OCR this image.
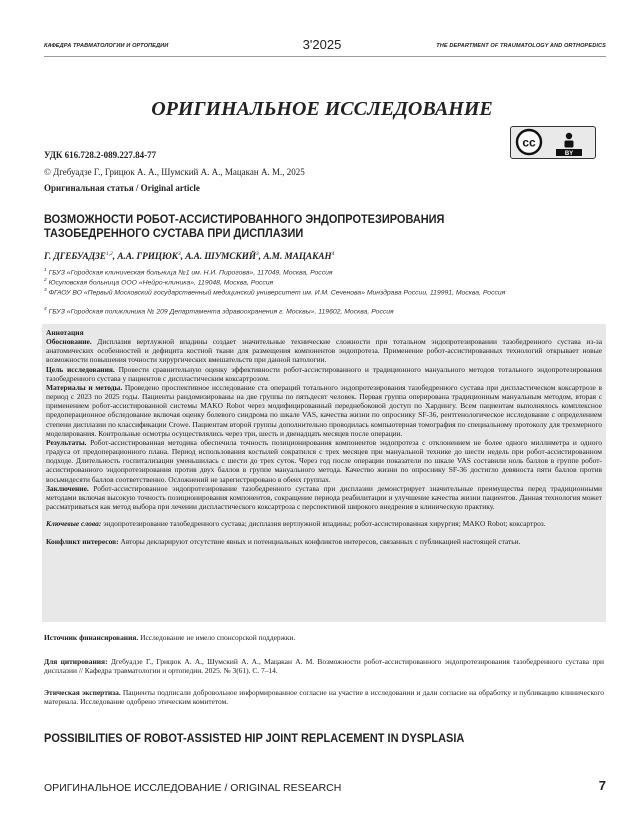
КАФЕДРА ТРАВМАТОЛОГИИ И ОРТОПЕДИИ	3'2025	THE DEPARTMENT OF TRAUMATOLOGY AND ORTHOPEDICS
ОРИГИНАЛЬНОЕ ИССЛЕДОВАНИЕ
cc
BY
УДК 616.728.2-089.227.84-77
© Дгебуадзе Г., Грицюк А. А., Шумский А. А., Мацакан А. М., 2025
Оригинальная статья / Original article
ВОЗМОЖНОСТИ РОБОТ-АССИСТИРОВАННОГО ЭНДОПРОТЕЗИРОВАНИЯ ТАЗОБЕДРЕННОГО СУСТАВА ПРИ ДИСПЛАЗИИ
Г. ДГЕБУАДЗЕ$^{1,2}$, А.А. ГРИЦЮК$^3$, А.А. ШУМСКИЙ$^3$, А.М. МАЦАКАН$^4$
$^1$ ГБУЗ «Городская клиническая больница №1 им. Н.И. Пирогова», 117049, Москва, Россия
$^2$ Юсуповская больница ООО «Нейро-клиника», 119048, Москва, Россия
$^3$ ФГАОУ ВО «Первый Московский государственный медицинский университет им. И.М. Сеченова» Минздрава России, 119991, Москва, Россия
$^4$ ГБУЗ «Городская поликлиника № 209 Департамента здравоохранения г. Москвы», 119602, Москва, Россия

Аннотация

Обоснование. Дисплазия вертлужной впадины создает значительные технические сложности при тотальном эндопротезировании тазобедренного сустава из-за анатомических особенностей и дефицита костной ткани для размещения компонентов эндопротеза. Применение робот-ассистированных технологий открывает новые возможности повышения точности хирургических вмешательств при данной патологии.

Цель исследования. Провести сравнительную оценку эффективности робот-ассистированного и традиционного мануального методов тотального эндопротезирования тазобедренного сустава у пациентов с диспластическим коксартрозом.

Материалы и методы. Проведено проспективное исследование ста операций тотального эндопротезирования тазобедренного сустава при диспластическом коксартрозе в период с 2023 по 2025 годы. Пациенты рандомизированы на две группы по пятьдесят человек. Первая группа оперирована традиционным мануальным методом, вторая с применением робот-ассистированной системы MAKO Robot через модифицированный переднебоковой доступ по Хардингу. Всем пациентам выполнялось комплексное предоперационное обследование включая оценку болевого синдрома по шкале VAS, качества жизни по опроснику SF-36, рентгенологическое исследование с определением степени дисплазии по классификации Crowe. Пациентам второй группы дополнительно проводилась компьютерная томография по специальному протоколу для трехмерного моделирования. Контрольные осмотры осуществлялись через три, шесть и двенадцать месяцев после операции.

Результаты. Робот-ассистированная методика обеспечила точность позиционирования компонентов эндопротеза с отклонением не более одного миллиметра и одного градуса от предоперационного плана. Период использования костылей сократился с трех месяцев при мануальной технике до шести недель при робот-ассистированном подходе. Длительность госпитализации уменьшилась с шести до трех суток. Через год после операции показатели по шкале VAS составили ноль баллов в группе робот-ассистированного эндопротезирования против двух баллов в группе мануального метода. Качество жизни по опроснику SF-36 достигло девяноста пяти баллов против восьмидесяти баллов соответственно. Осложнений не зарегистрировано в обеих группах.

Заключение. Робот-ассистированное эндопротезирование тазобедренного сустава при дисплазии демонстрирует значительные преимущества перед традиционными методами включая высокую точность позиционирования компонентов, сокращение периода реабилитации и улучшение качества жизни пациентов. Данная технология может рассматриваться как метод выбора при лечении диспластического коксартроза с перспективой широкого внедрения в клиническую практику.

Ключевые слова: эндопротезирование тазобедренного сустава; дисплазия вертлужной впадины; робот-ассистированная хирургия; MAKO Robot; коксартроз.

Конфликт интересов: Авторы декларируют отсутствие явных и потенциальных конфликтов интересов, связанных с публикацией настоящей статьи.

Источник финансирования. Исследование не имело спонсорской поддержки.
Для цитирования: Дгебуадзе Г., Грицюк А. А., Шумский А. А., Мацакан А. М. Возможности робот-ассистированного эндопротезирования тазобедренного сустава при дисплазии // Кафедра травматологии и ортопедии. 2025. № 3(61). С. 7–14.
Этическая экспертиза. Пациенты подписали добровольное информированное согласие на участие в исследовании и дали согласие на обработку и публикацию клинического материала. Исследование одобрено этическим комитетом.
POSSIBILITIES OF ROBOT-ASSISTED HIP JOINT REPLACEMENT IN DYSPLASIA
ОРИГИНАЛЬНОЕ ИССЛЕДОВАНИЕ / ORIGINAL RESEARCH	7
